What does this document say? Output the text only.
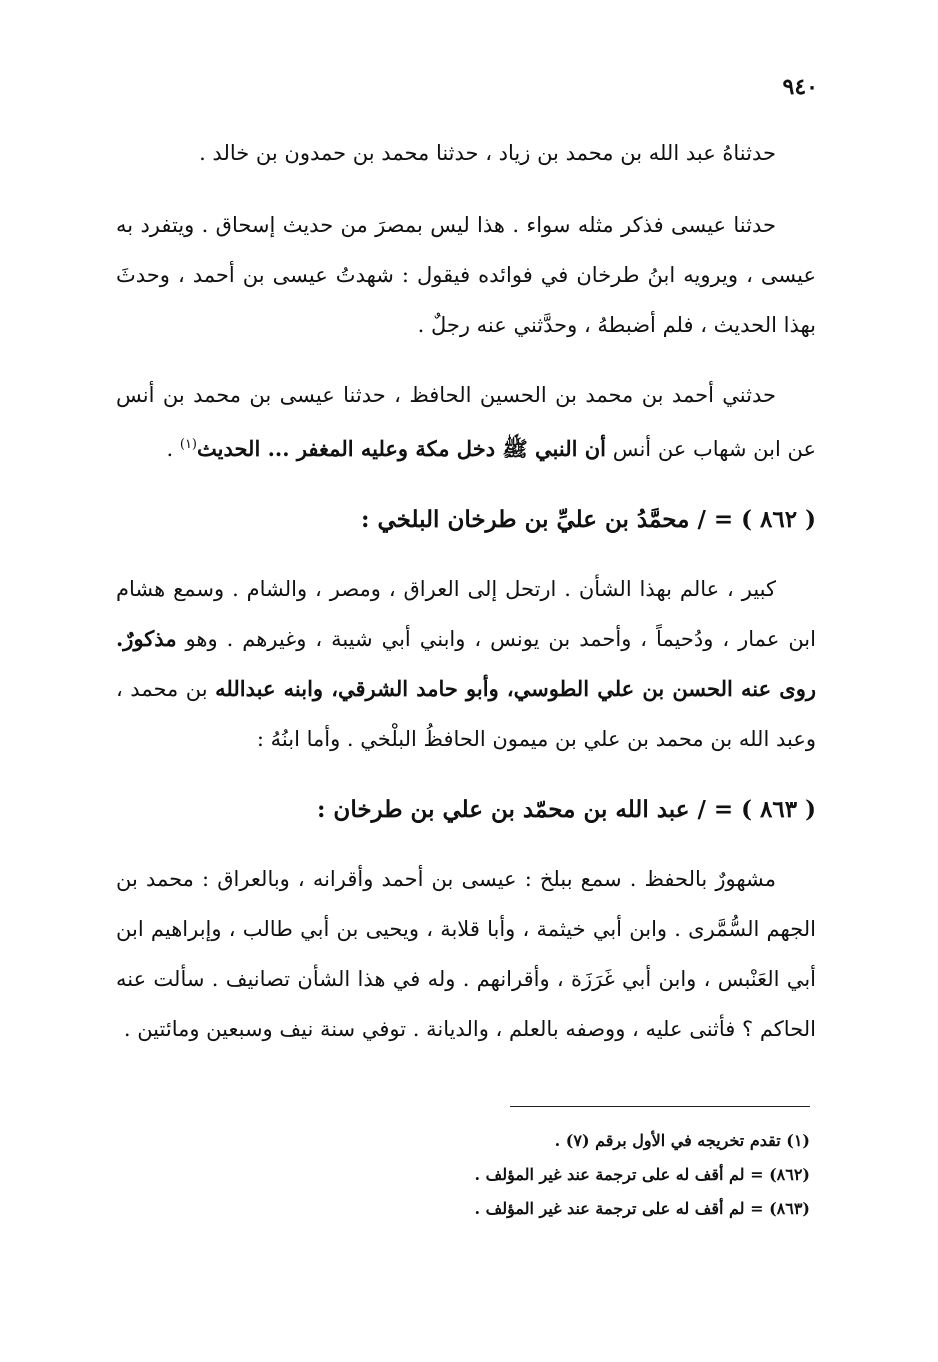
٩٤٠

حدثناهُ عبد الله بن محمد بن زياد ، حدثنا محمد بن حمدون بن خالد .

حدثنا عيسى فذكر مثله سواء . هذا ليس بمصرَ من حديث إسحاق . ويتفرد به عيسى ، ويرويه ابنُ طرخان في فوائده فيقول : شهدتُ عيسى بن أحمد ، وحدثَ بهذا الحديث ، فلم أضبطهُ ، وحدَّثني عنه رجلٌ .

حدثني أحمد بن محمد بن الحسين الحافظ ، حدثنا عيسى بن محمد بن أنس عن ابن شهاب عن أنس أن النبي ﷺ دخل مكة وعليه المغفر ... الحديث$^{(١)}$ .

( ٨٦٢ ) = / محمَّدُ بن عليِّ بن طرخان البلخي :

كبير ، عالم بهذا الشأن . ارتحل إلى العراق ، ومصر ، والشام . وسمع هشام ابن عمار ، ودُحيماً ، وأحمد بن يونس ، وابني أبي شيبة ، وغيرهم . وهو مذكورٌ. روى عنه الحسن بن علي الطوسي، وأبو حامد الشرقي، وابنه عبدالله بن محمد ، وعبد الله بن محمد بن علي بن ميمون الحافظُ البلْخي . وأما ابنُهُ :

( ٨٦٣ ) = / عبد الله بن محمّد بن علي بن طرخان :

مشهورٌ بالحفظ . سمع ببلخ : عيسى بن أحمد وأقرانه ، وبالعراق : محمد بن الجهم السُّمَّرى . وابن أبي خيثمة ، وأبا قلابة ، ويحيى بن أبي طالب ، وإبراهيم ابن أبي العَنْبس ، وابن أبي غَرَزَة ، وأقرانهم . وله في هذا الشأن تصانيف . سألت عنه الحاكم ؟ فأثنى عليه ، ووصفه بالعلم ، والديانة . توفي سنة نيف وسبعين ومائتين .

(١) تقدم تخريجه في الأول برقم (٧) .
(٨٦٢) = لم أقف له على ترجمة عند غير المؤلف .
(٨٦٣) = لم أقف له على ترجمة عند غير المؤلف .
